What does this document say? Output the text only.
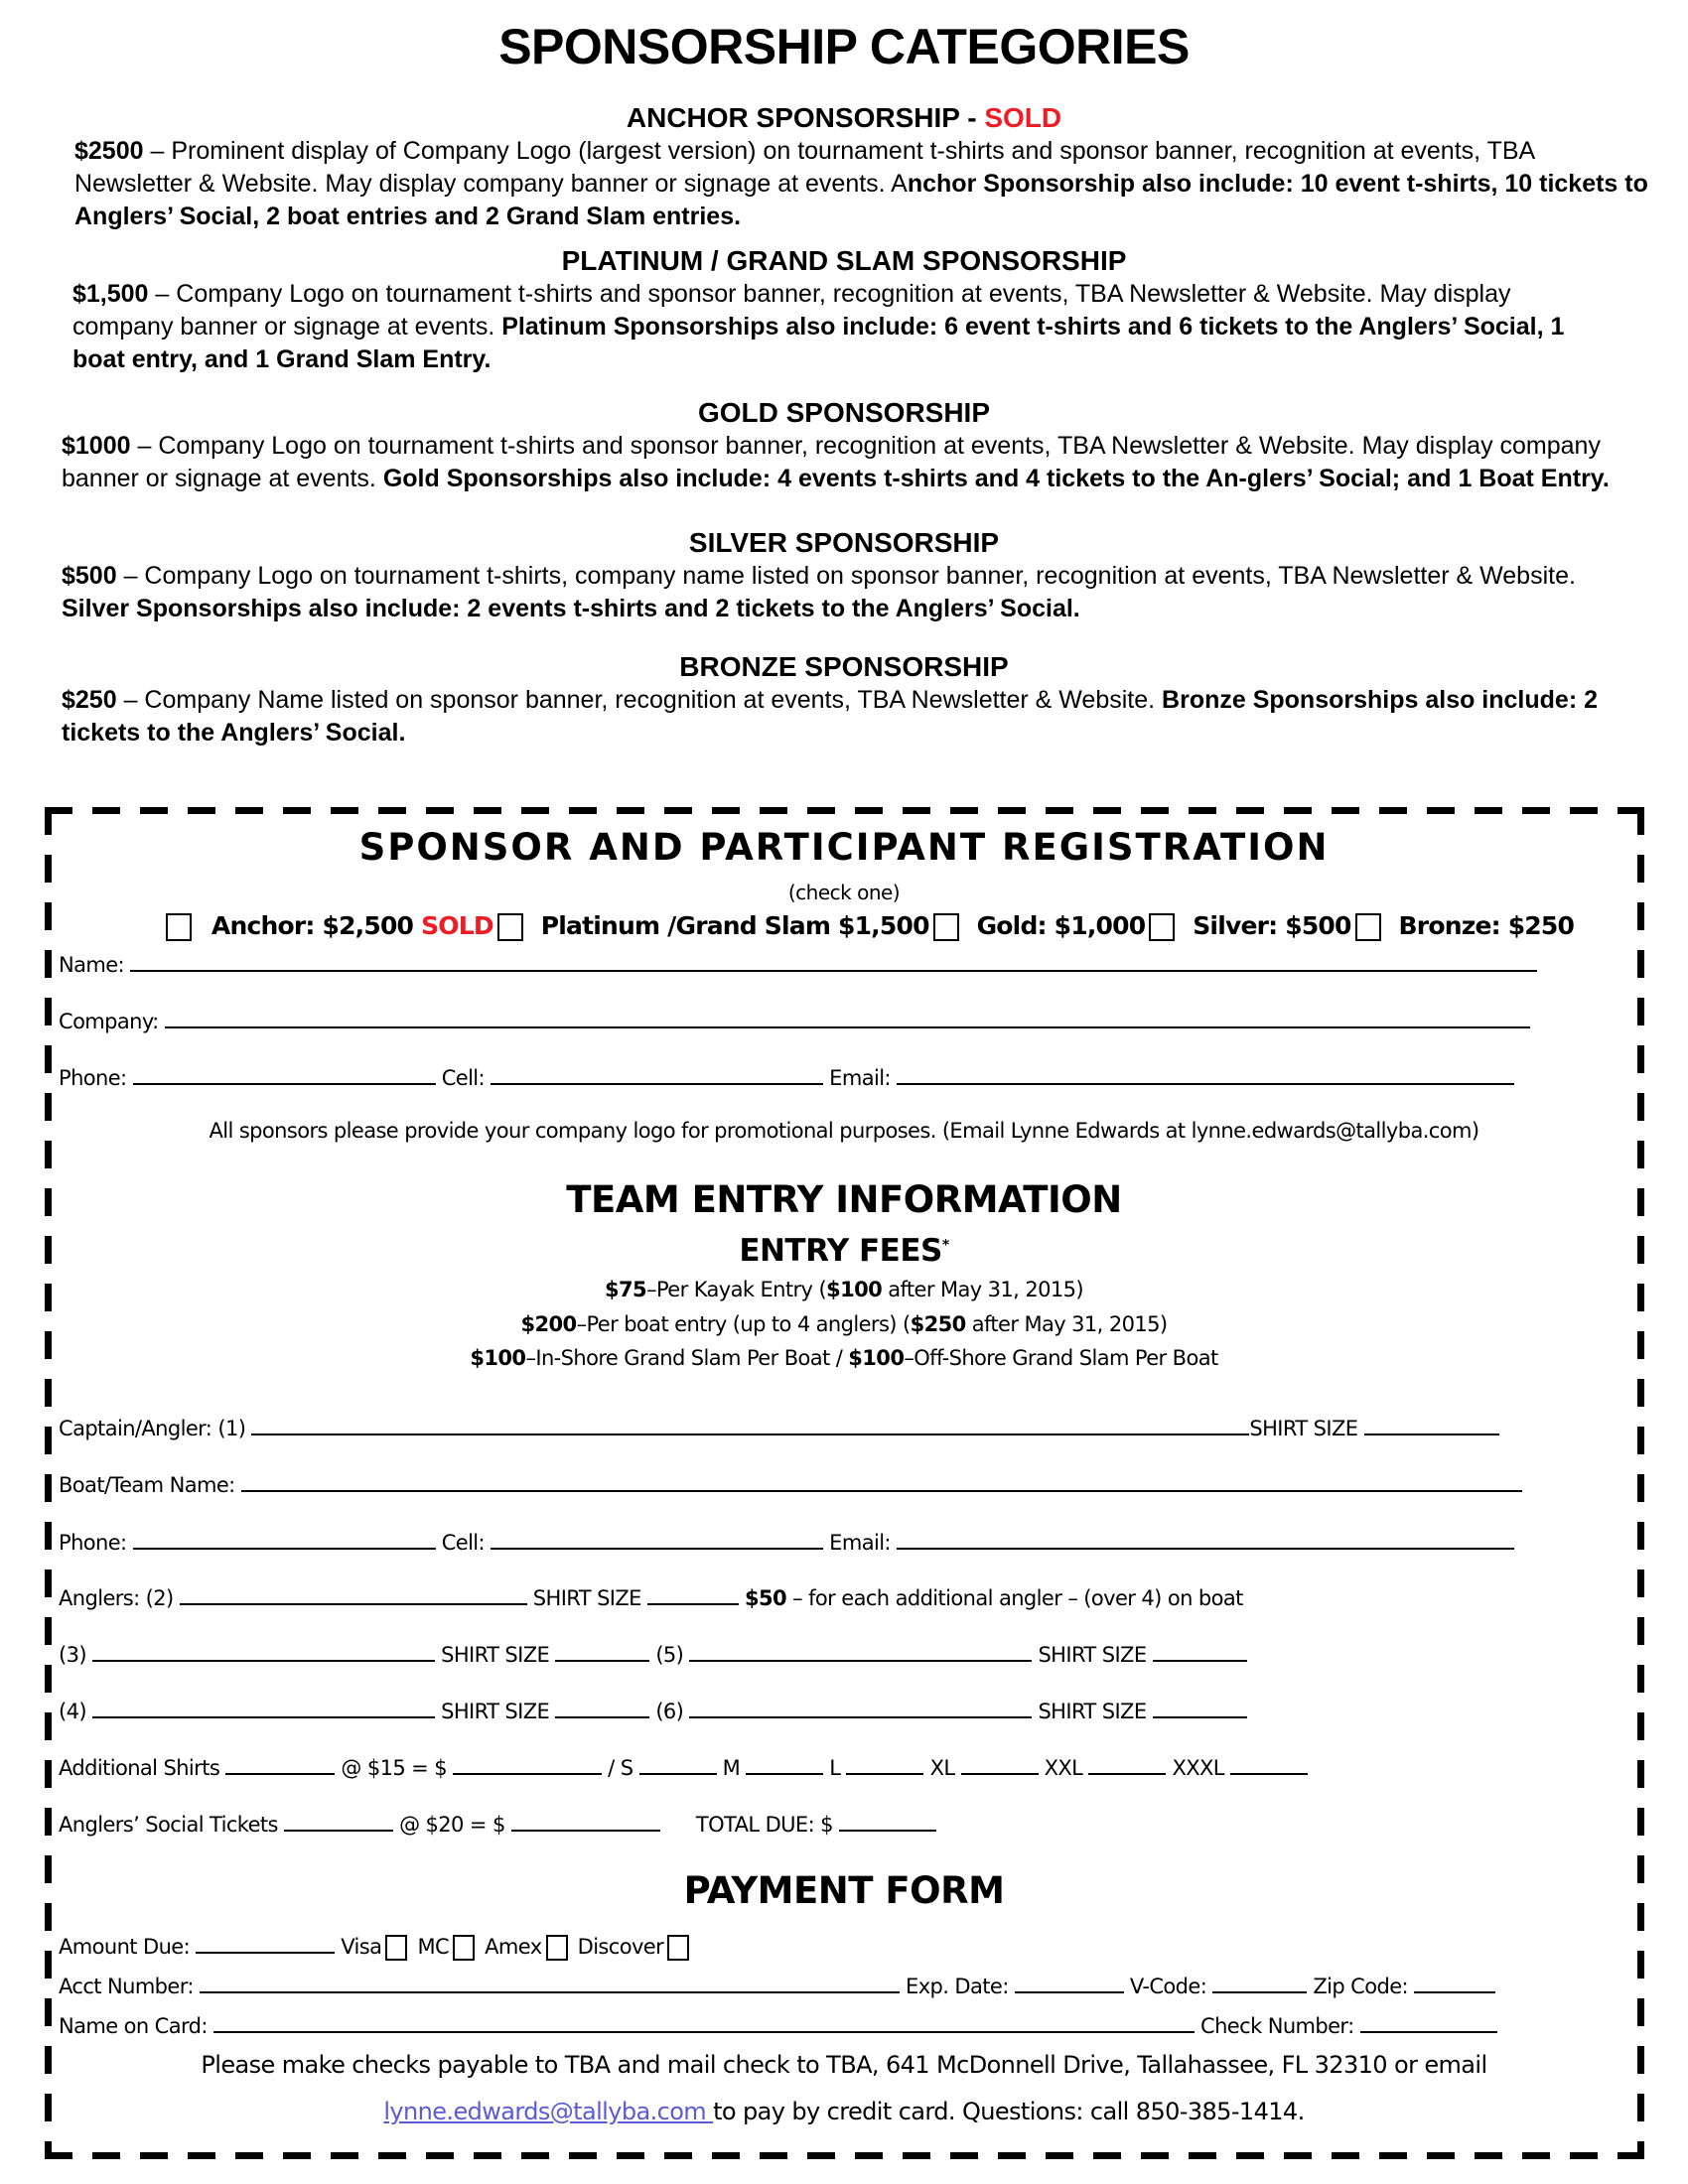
SPONSORSHIP CATEGORIES
ANCHOR SPONSORSHIP - SOLD
$2500 – Prominent display of Company Logo (largest version) on tournament t-shirts and sponsor banner, recognition at events, TBA Newsletter & Website. May display company banner or signage at events. Anchor Sponsorship also include: 10 event t-shirts, 10 tickets to Anglers’ Social, 2 boat entries and 2 Grand Slam entries.
PLATINUM / GRAND SLAM SPONSORSHIP
$1,500 – Company Logo on tournament t-shirts and sponsor banner, recognition at events, TBA Newsletter & Website. May display company banner or signage at events. Platinum Sponsorships also include: 6 event t-shirts and 6 tickets to the Anglers’ Social, 1 boat entry, and 1 Grand Slam Entry.
GOLD SPONSORSHIP
$1000 – Company Logo on tournament t-shirts and sponsor banner, recognition at events, TBA Newsletter & Website. May display company banner or signage at events. Gold Sponsorships also include: 4 events t-shirts and 4 tickets to the An-glers’ Social; and 1 Boat Entry.
SILVER SPONSORSHIP
$500 – Company Logo on tournament t-shirts, company name listed on sponsor banner, recognition at events, TBA Newsletter & Website. Silver Sponsorships also include: 2 events t-shirts and 2 tickets to the Anglers’ Social.
BRONZE SPONSORSHIP
$250 – Company Name listed on sponsor banner, recognition at events, TBA Newsletter & Website. Bronze Sponsorships also include: 2 tickets to the Anglers’ Social.
SPONSOR AND PARTICIPANT REGISTRATION
(check one)
Anchor: $2,500 SOLD Platinum /Grand Slam $1,500 Gold: $1,000 Silver: $500 Bronze: $250
Name:
Company:
Phone:	Cell:	Email:
All sponsors please provide your company logo for promotional purposes. (Email Lynne Edwards at lynne.edwards@tallyba.com)
TEAM ENTRY INFORMATION
ENTRY FEES*
$75–Per Kayak Entry ($100 after May 31, 2015)
$200–Per boat entry (up to 4 anglers) ($250 after May 31, 2015)
$100–In-Shore Grand Slam Per Boat / $100–Off-Shore Grand Slam Per Boat
Captain/Angler: (1)	SHIRT SIZE
Boat/Team Name:
Phone:	Cell:	Email:
Anglers: (2)	SHIRT SIZE	$50 – for each additional angler – (over 4) on boat
(3)	SHIRT SIZE	(5)	SHIRT SIZE
(4)	SHIRT SIZE	(6)	SHIRT SIZE
Additional Shirts	@ $15 = $	/ S	M	L	XL	XXL	XXXL
Anglers’ Social Tickets	@ $20 = $	TOTAL DUE: $
PAYMENT FORM
Amount Due:	Visa MC Amex Discover
Acct Number:	Exp. Date:	V-Code:	Zip Code:
Name on Card:	Check Number:
Please make checks payable to TBA and mail check to TBA, 641 McDonnell Drive, Tallahassee, FL 32310 or email
lynne.edwards@tallyba.com to pay by credit card. Questions: call 850-385-1414.
